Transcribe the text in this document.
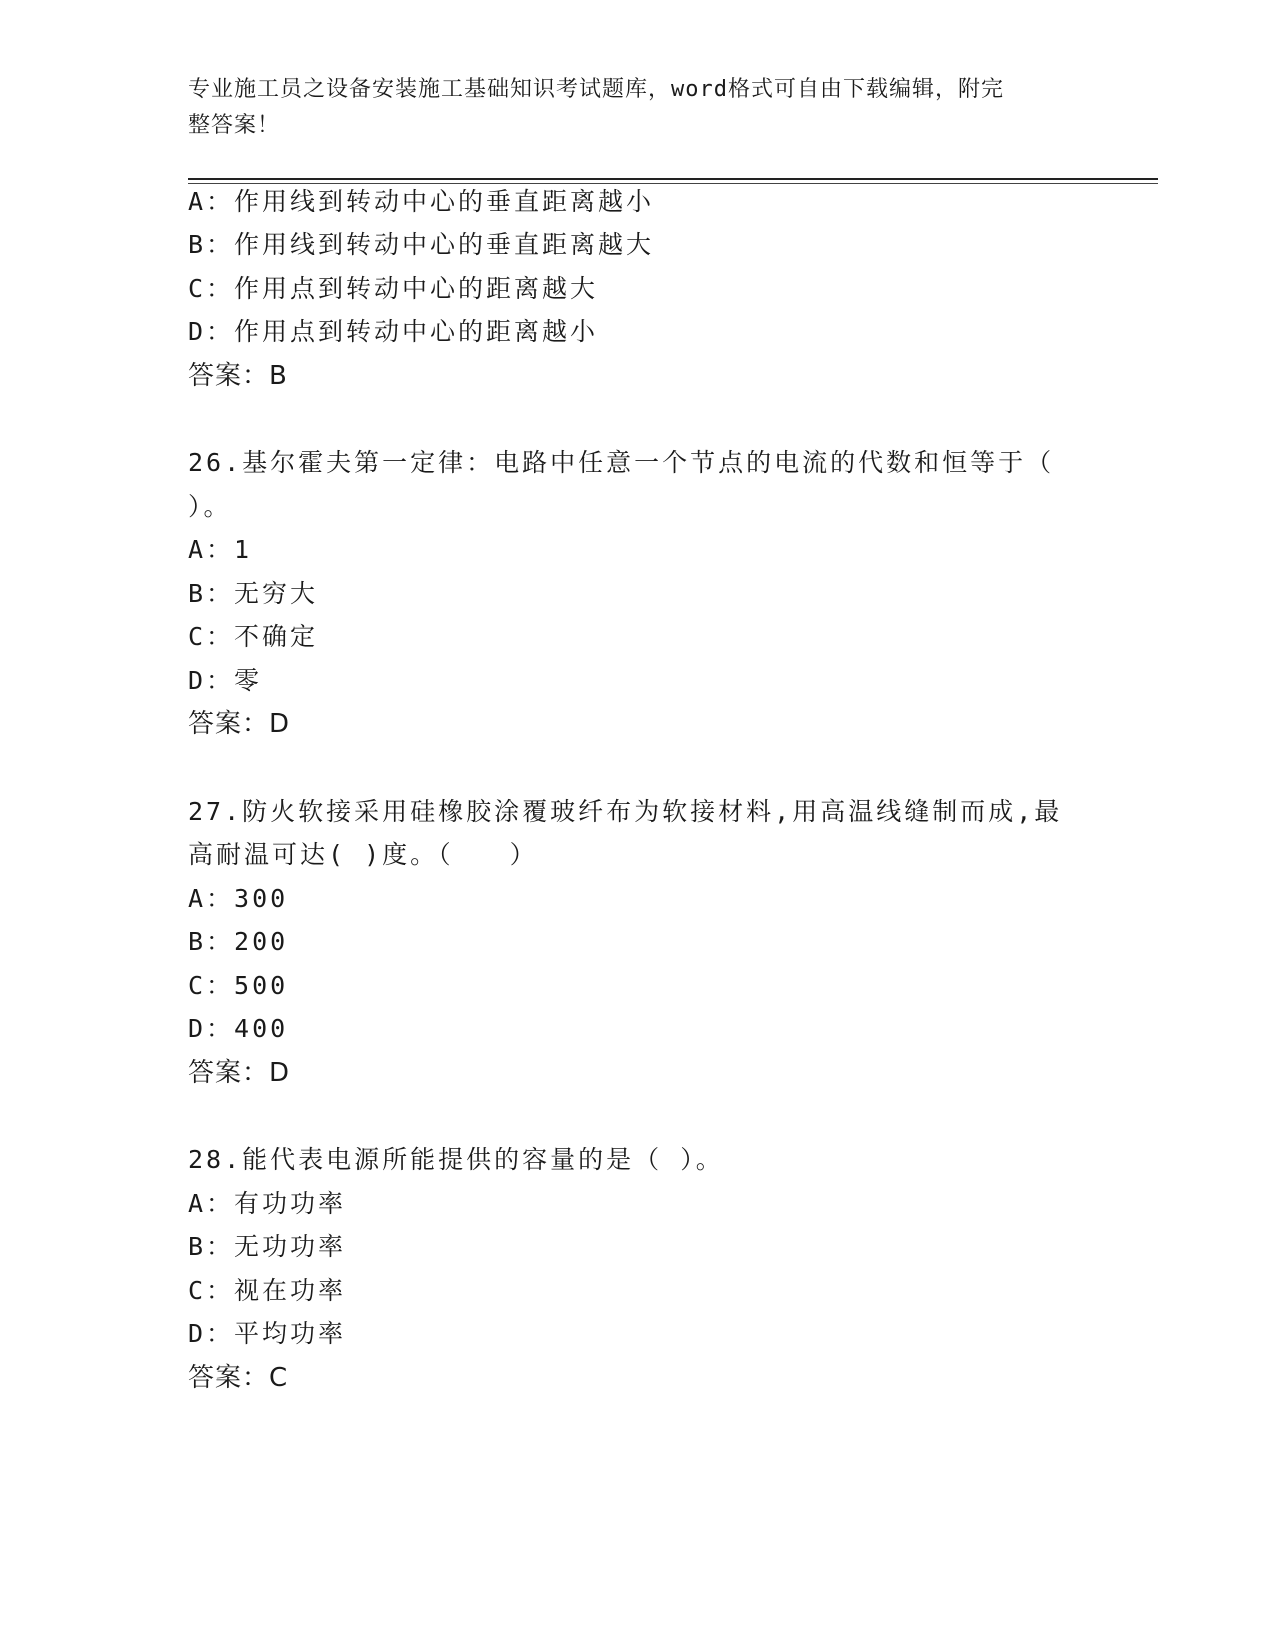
专业施工员之设备安装施工基础知识考试题库，word格式可自由下载编辑，附完
整答案！
A：作用线到转动中心的垂直距离越小
B：作用线到转动中心的垂直距离越大
C：作用点到转动中心的距离越大
D：作用点到转动中心的距离越小
答案：B
26.基尔霍夫第一定律：电路中任意一个节点的电流的代数和恒等于（
）。
A：1
B：无穷大
C：不确定
D：零
答案：D
27.防火软接采用硅橡胶涂覆玻纤布为软接材料,用高温线缝制而成,最
高耐温可达( )度。（　　）
A：300
B：200
C：500
D：400
答案：D
28.能代表电源所能提供的容量的是（ ）。
A：有功功率
B：无功功率
C：视在功率
D：平均功率
答案：C
